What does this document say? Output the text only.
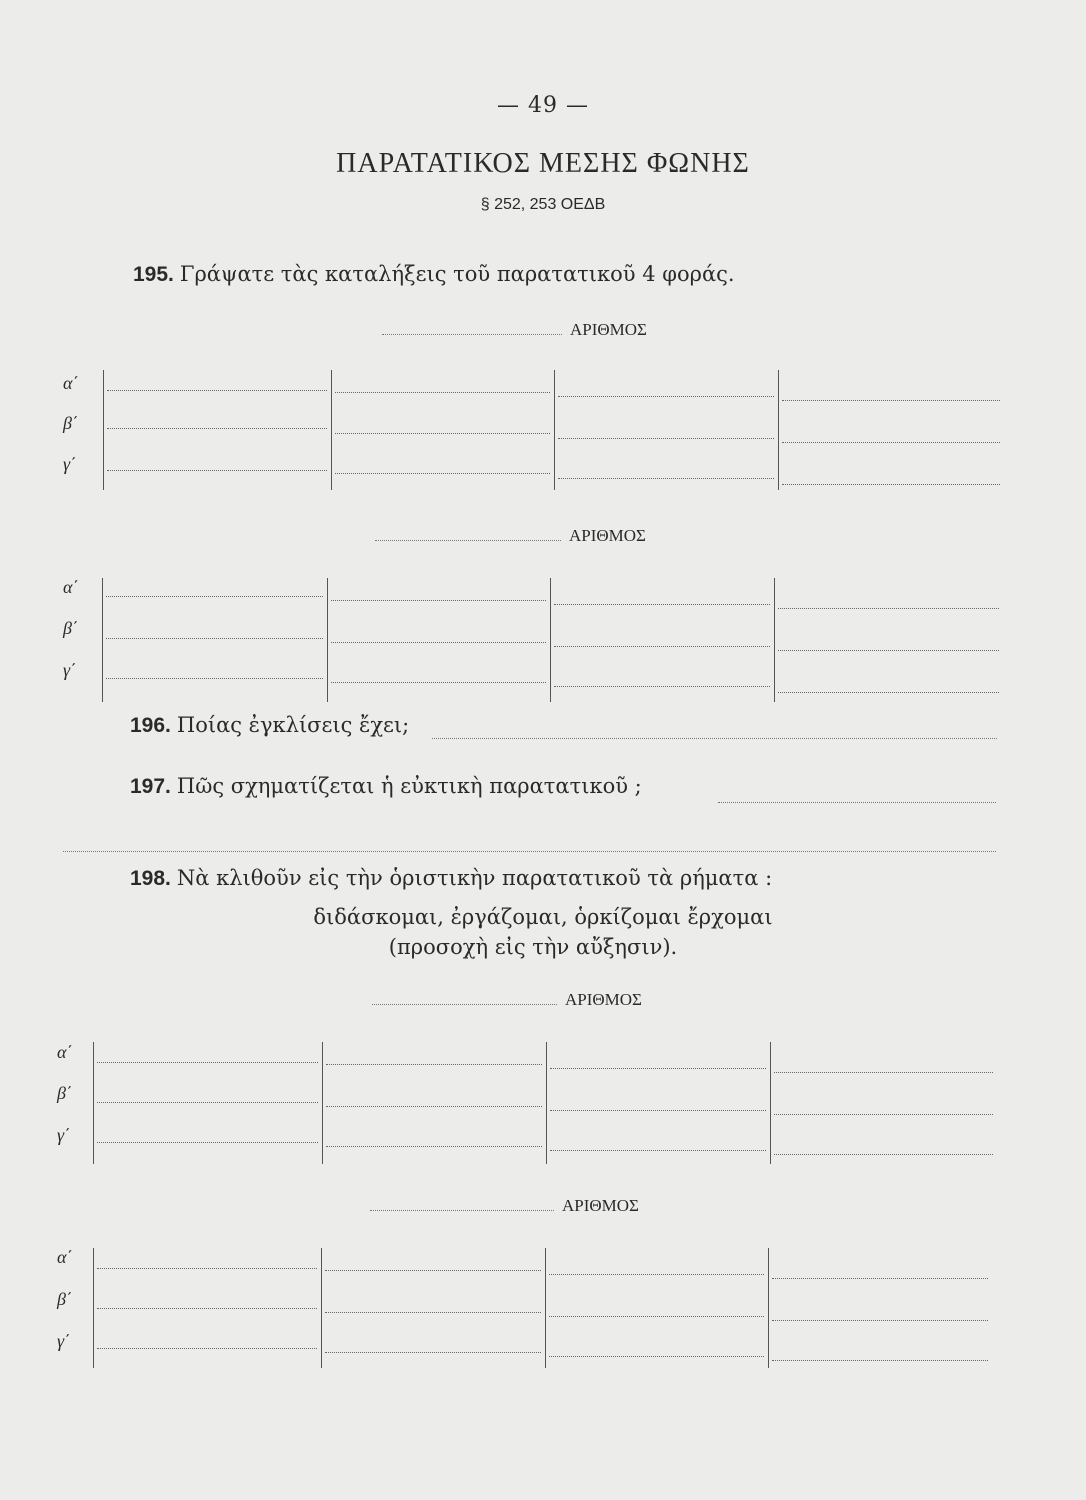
— 49 —
ΠΑΡΑΤΑΤΙΚΟΣ ΜΕΣΗΣ ΦΩΝΗΣ
§ 252, 253 ΟΕΔΒ
195. Γράψατε τὰς καταλήξεις τοῦ παρατατικοῦ 4 φοράς.
ΑΡΙΘΜΟΣ
α΄
β΄
γ΄
ΑΡΙΘΜΟΣ
α΄
β΄
γ΄
196. Ποίας ἐγκλίσεις ἔχει;
197. Πῶς σχηματίζεται ἡ εὐκτικὴ παρατατικοῦ ;
198. Νὰ κλιθοῦν εἰς τὴν ὁριστικὴν παρατατικοῦ τὰ ρήματα :
διδάσκομαι, ἐργάζομαι, ὁρκίζομαι ἔρχομαι
(προσοχὴ εἰς τὴν αὔξησιν).
ΑΡΙΘΜΟΣ
α΄
β΄
γ΄
ΑΡΙΘΜΟΣ
α΄
β΄
γ΄
